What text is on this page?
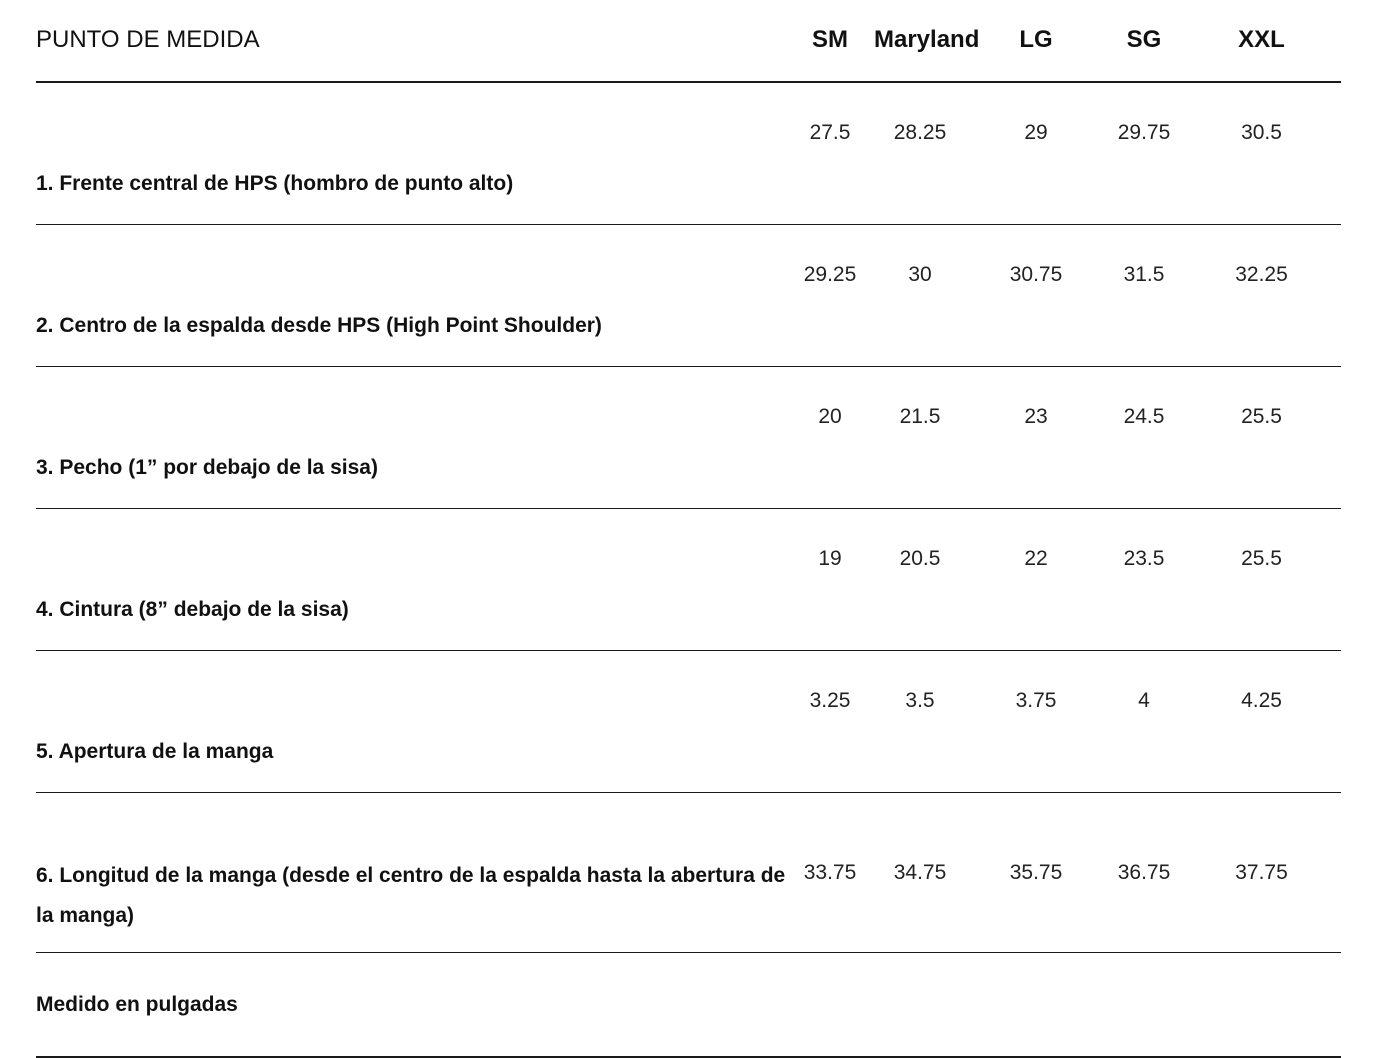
PUNTO DE MEDIDA	SM	Maryland	LG	SG	XXL
1. Frente central de HPS (hombro de punto alto)	27.5	28.25	29	29.75	30.5
2. Centro de la espalda desde HPS (High Point Shoulder)	29.25	30	30.75	31.5	32.25
3. Pecho (1” por debajo de la sisa)	20	21.5	23	24.5	25.5
4. Cintura (8” debajo de la sisa)	19	20.5	22	23.5	25.5
5. Apertura de la manga	3.25	3.5	3.75	4	4.25
6. Longitud de la manga (desde el centro de la espalda hasta la abertura de la manga)	33.75	34.75	35.75	36.75	37.75
Medido en pulgadas					
